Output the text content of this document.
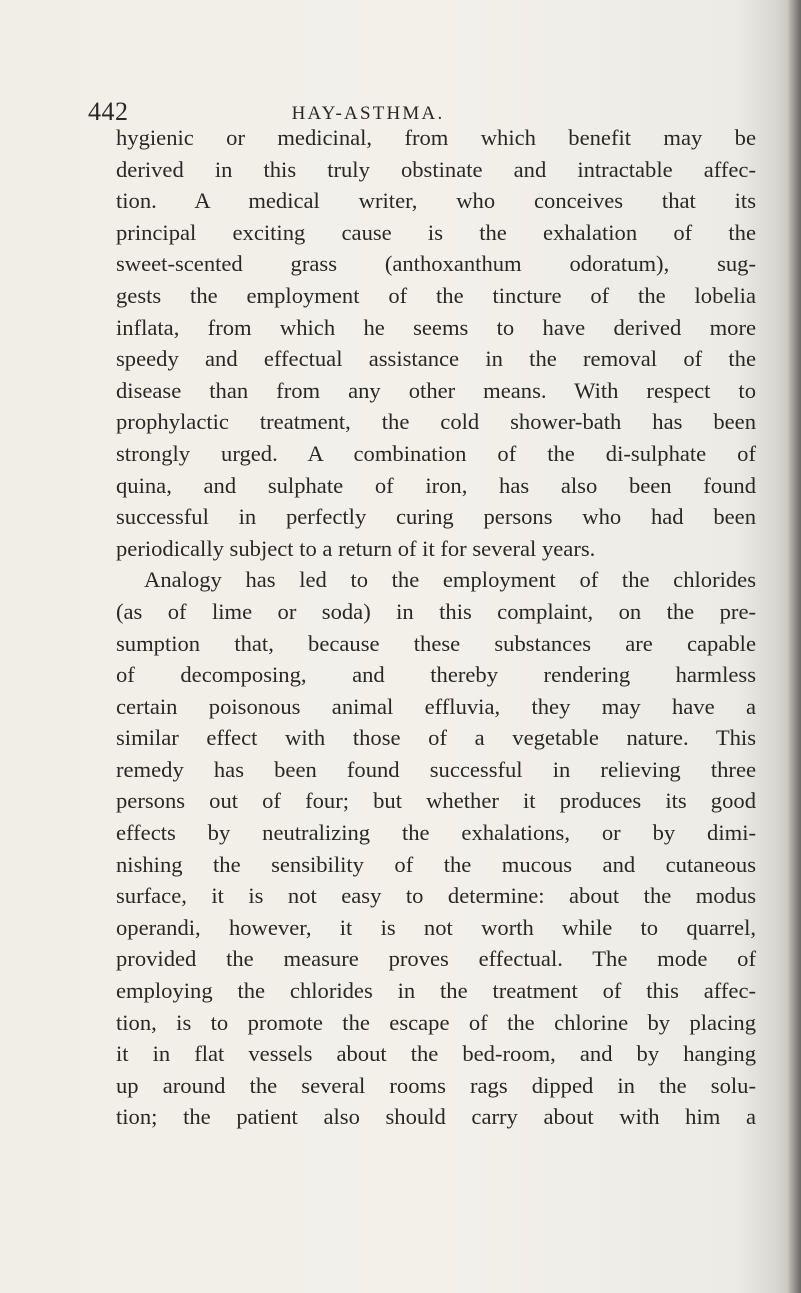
442	HAY-ASTHMA.
hygienic or medicinal, from which benefit may be
derived in this truly obstinate and intractable affec-
tion. A medical writer, who conceives that its
principal exciting cause is the exhalation of the
sweet-scented grass (anthoxanthum odoratum), sug-
gests the employment of the tincture of the lobelia
inflata, from which he seems to have derived more
speedy and effectual assistance in the removal of the
disease than from any other means. With respect to
prophylactic treatment, the cold shower-bath has been
strongly urged. A combination of the di-sulphate of
quina, and sulphate of iron, has also been found
successful in perfectly curing persons who had been
periodically subject to a return of it for several years.
Analogy has led to the employment of the chlorides
(as of lime or soda) in this complaint, on the pre-
sumption that, because these substances are capable
of decomposing, and thereby rendering harmless
certain poisonous animal effluvia, they may have a
similar effect with those of a vegetable nature. This
remedy has been found successful in relieving three
persons out of four; but whether it produces its good
effects by neutralizing the exhalations, or by dimi-
nishing the sensibility of the mucous and cutaneous
surface, it is not easy to determine: about the modus
operandi, however, it is not worth while to quarrel,
provided the measure proves effectual. The mode of
employing the chlorides in the treatment of this affec-
tion, is to promote the escape of the chlorine by placing
it in flat vessels about the bed-room, and by hanging
up around the several rooms rags dipped in the solu-
tion; the patient also should carry about with him a
